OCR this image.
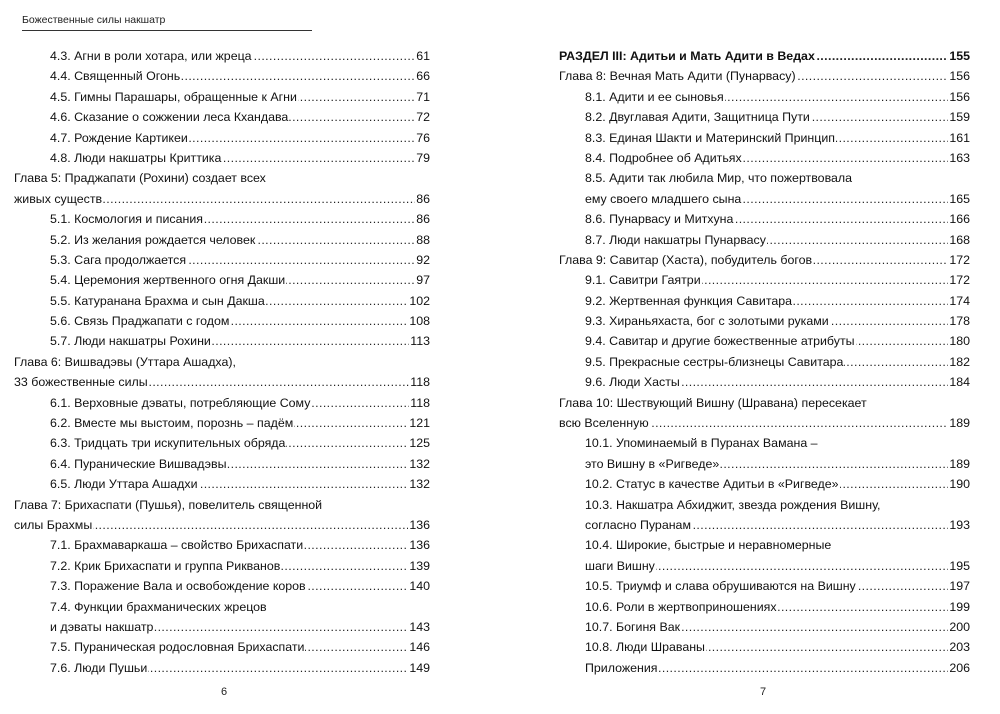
Божественные силы накшатр
4.3. Агни в роли хотара, или жреца	61
.....
4.4. Священный Огонь	66
.....
4.5. Гимны Парашары, обращенные к Агни	71
.....
4.6. Сказание о сожжении леса Кхандава	72
.....
4.7. Рождение Картикеи	76
.....
4.8. Люди накшатры Криттика	79
.....
Глава 5: Праджапати (Рохини) создает всех
живых существ	86
.....
5.1. Космология и писания	86
.....
5.2. Из желания рождается человек	88
.....
5.3. Сага продолжается	92
.....
5.4. Церемония жертвенного огня Дакши	97
.....
5.5. Катуранана Брахма и сын Дакша	102
.....
5.6. Связь Праджапати с годом	108
.....
5.7. Люди накшатры Рохини	113
.....
Глава 6: Вишвадэвы (Уттара Ашадха),
33 божественные силы	118
.....
6.1. Верховные дэваты, потребляющие Сому	118
.....
6.2. Вместе мы выстоим, порознь – падём	121
.....
6.3. Тридцать три искупительных обряда	125
.....
6.4. Пуранические Вишвадэвы	132
.....
6.5. Люди Уттара Ашадхи	132
.....
Глава 7: Брихаспати (Пушья), повелитель священной
силы Брахмы	136
.....
7.1. Брахмаваркаша – свойство Брихаспати	136
.....
7.2. Крик Брихаспати и группа Рикванов	139
.....
7.3. Поражение Вала и освобождение коров	140
.....
7.4. Функции брахманических жрецов
и дэваты накшатр	143
.....
7.5. Пураническая родословная Брихаспати	146
.....
7.6. Люди Пушьи	149
.....
РАЗДЕЛ III: Адитьи и Мать Адити в Ведах	155
.....
Глава 8: Вечная Мать Адити (Пунарвасу)	156
.....
8.1. Адити и ее сыновья	156
.....
8.2. Двуглавая Адити, Защитница Пути	159
.....
8.3. Единая Шакти и Материнский Принцип	161
.....
8.4. Подробнее об Адитьях	163
.....
8.5. Адити так любила Мир, что пожертвовала
ему своего младшего сына	165
.....
8.6. Пунарвасу и Митхуна	166
.....
8.7. Люди накшатры Пунарвасу	168
.....
Глава 9: Савитар (Хаста), побудитель богов	172
.....
9.1. Савитри Гаятри	172
.....
9.2. Жертвенная функция Савитара	174
.....
9.3. Хираньяхаста, бог с золотыми руками	178
.....
9.4. Савитар и другие божественные атрибуты	180
.....
9.5. Прекрасные сестры-близнецы Савитара	182
.....
9.6. Люди Хасты	184
.....
Глава 10: Шествующий Вишну (Шравана) пересекает
всю Вселенную	189
.....
10.1. Упоминаемый в Пуранах Вамана –
это Вишну в «Ригведе»	189
.....
10.2. Статус в качестве Адитьи в «Ригведе»	190
.....
10.3. Накшатра Абхиджит, звезда рождения Вишну,
согласно Пуранам	193
.....
10.4. Широкие, быстрые и неравномерные
шаги Вишну	195
.....
10.5. Триумф и слава обрушиваются на Вишну	197
.....
10.6. Роли в жертвоприношениях	199
.....
10.7. Богиня Вак	200
.....
10.8. Люди Шраваны	203
.....
Приложения	206
.....
6	7
